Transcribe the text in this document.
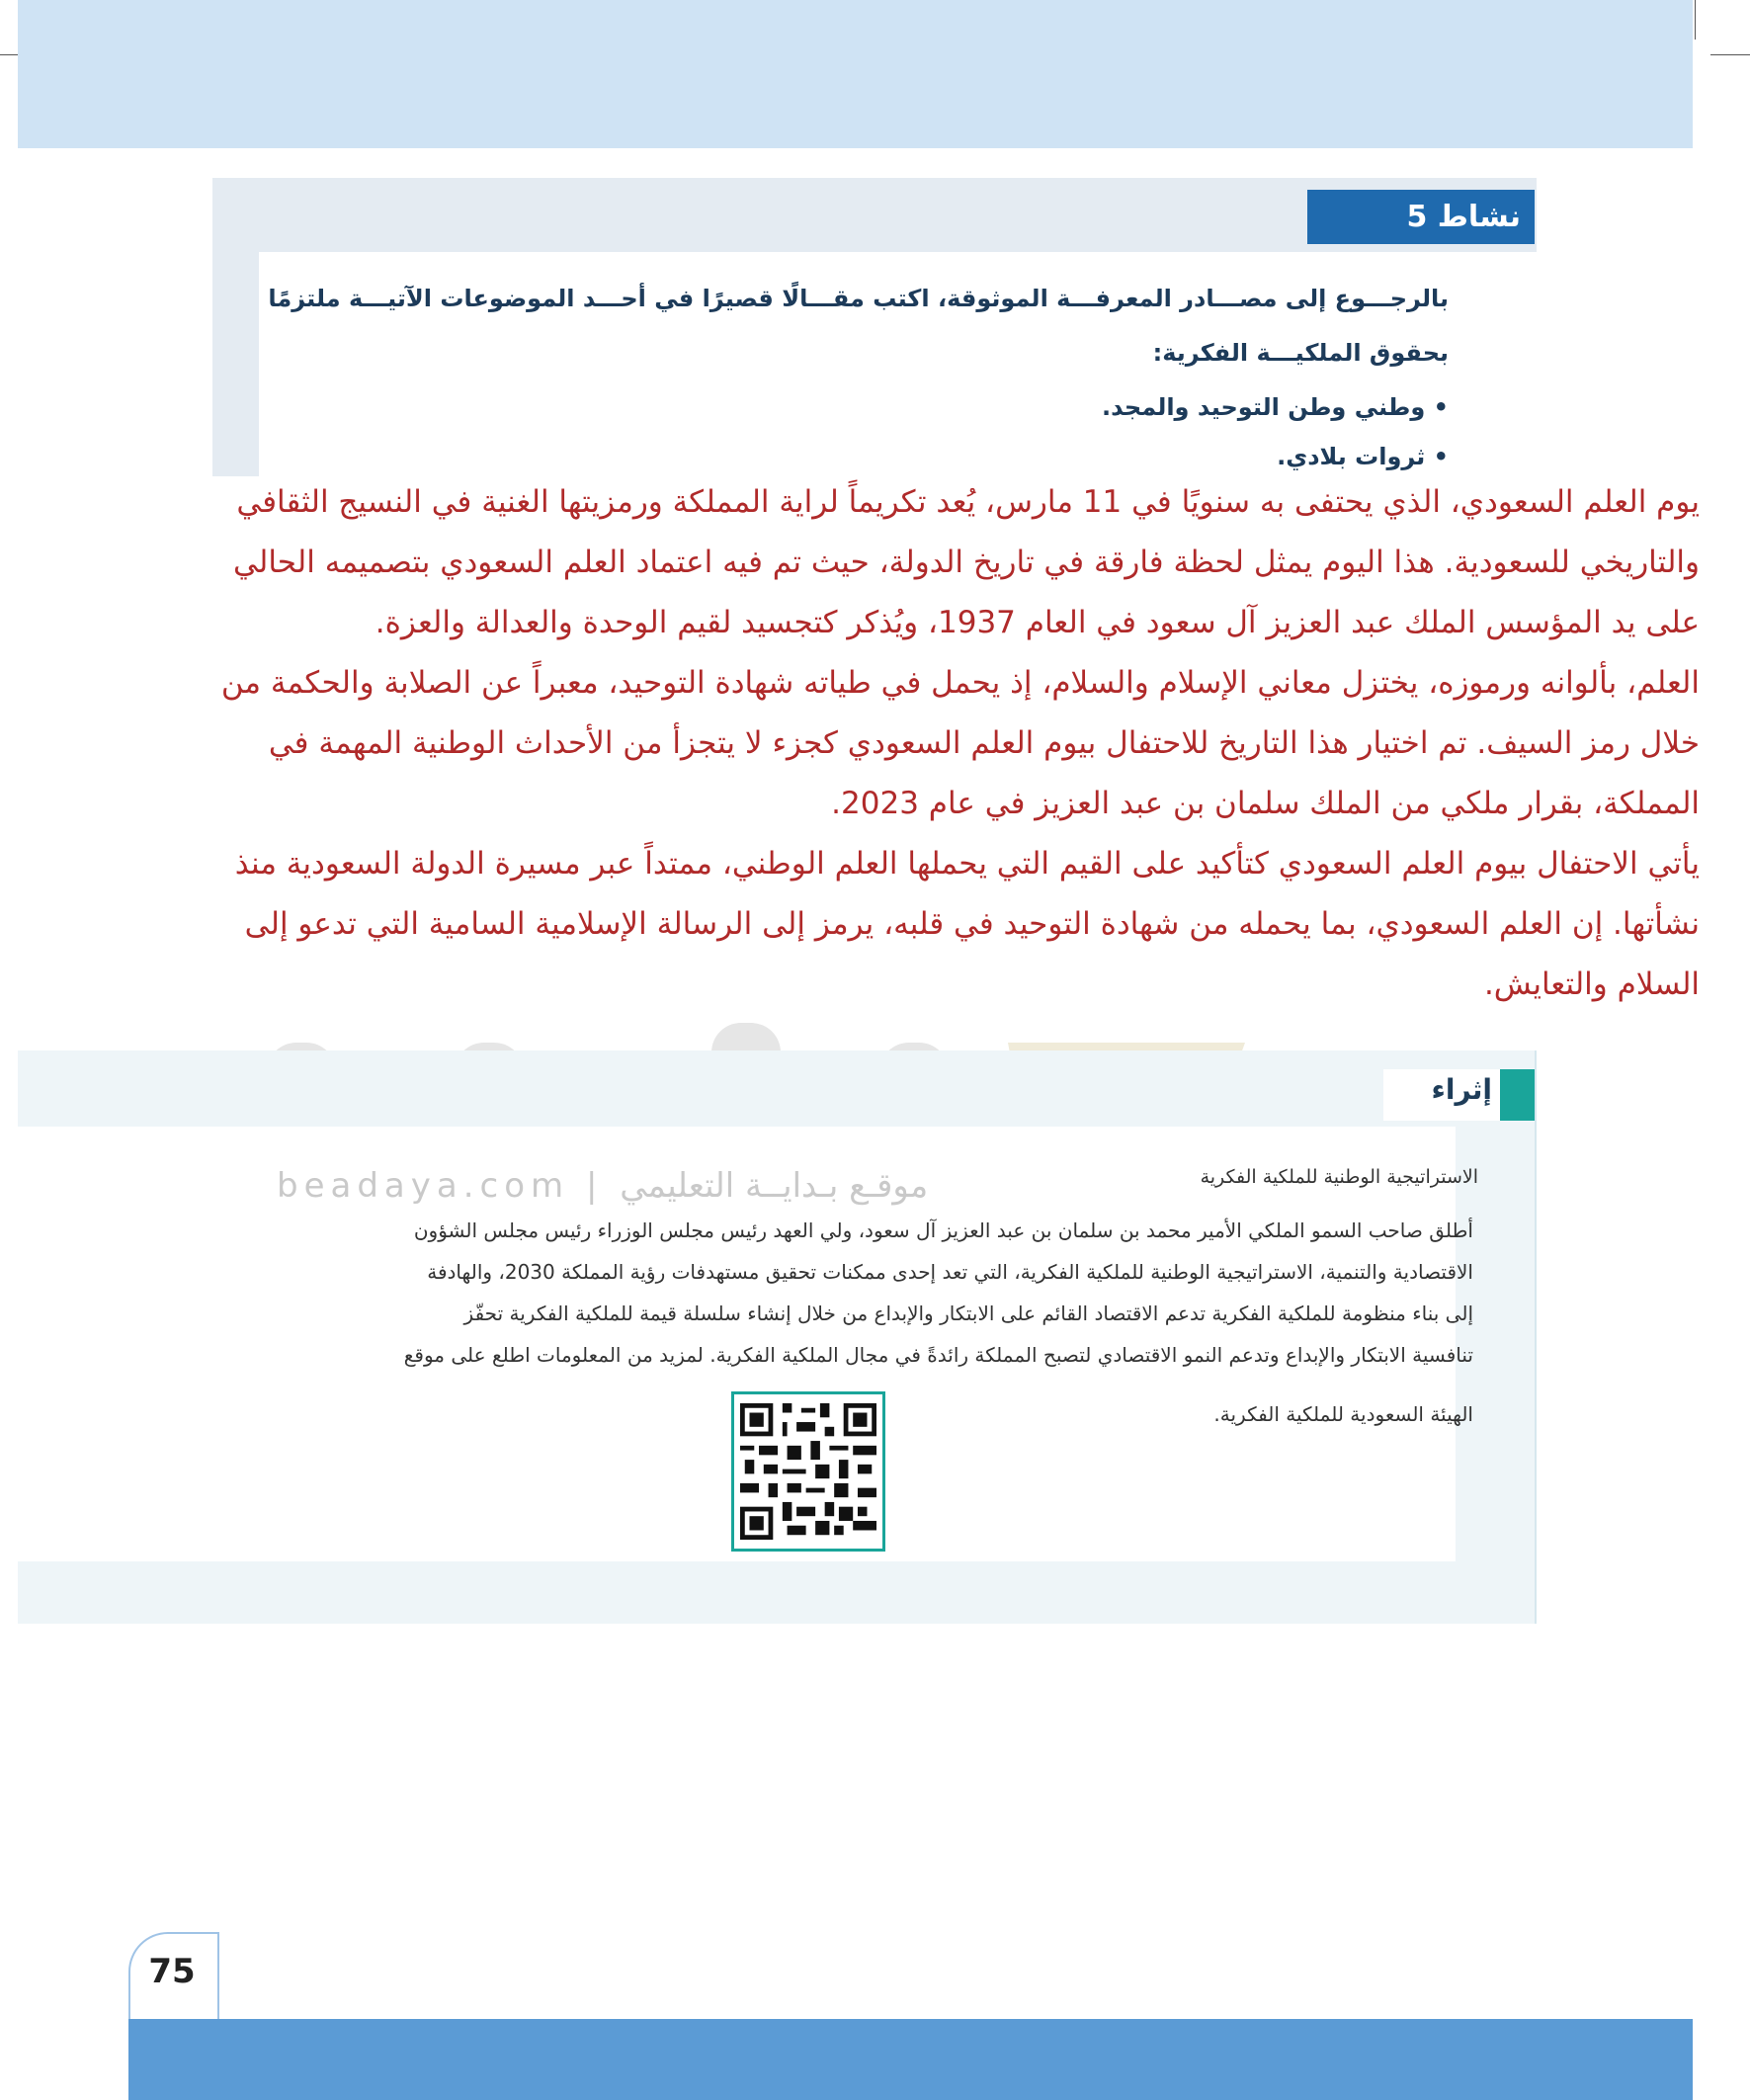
نشاط 5
بالرجـــوع إلى مصـــادر المعرفـــة الموثوقة، اكتب مقـــالًا قصيرًا في أحـــد الموضوعات الآتيـــة ملتزمًا
بحقوق الملكيـــة الفكرية:
• وطني وطن التوحيد والمجد.
• ثروات بلادي.
يوم العلم السعودي، الذي يحتفى به سنويًا في 11 مارس، يُعد تكريماً لراية المملكة ورمزيتها الغنية في النسيج الثقافي
والتاريخي للسعودية. هذا اليوم يمثل لحظة فارقة في تاريخ الدولة، حيث تم فيه اعتماد العلم السعودي بتصميمه الحالي
على يد المؤسس الملك عبد العزيز آل سعود في العام 1937، ويُذكر كتجسيد لقيم الوحدة والعدالة والعزة.
العلم، بألوانه ورموزه، يختزل معاني الإسلام والسلام، إذ يحمل في طياته شهادة التوحيد، معبراً عن الصلابة والحكمة من
خلال رمز السيف. تم اختيار هذا التاريخ للاحتفال بيوم العلم السعودي كجزء لا يتجزأ من الأحداث الوطنية المهمة في
المملكة، بقرار ملكي من الملك سلمان بن عبد العزيز في عام 2023.
يأتي الاحتفال بيوم العلم السعودي كتأكيد على القيم التي يحملها العلم الوطني، ممتداً عبر مسيرة الدولة السعودية منذ
نشأتها. إن العلم السعودي، بما يحمله من شهادة التوحيد في قلبه، يرمز إلى الرسالة الإسلامية السامية التي تدعو إلى
السلام والتعايش.
إثراء
beadaya.com | موقـع بـدايــة التعليمي	الاستراتيجية الوطنية للملكية الفكرية
أطلق صاحب السمو الملكي الأمير محمد بن سلمان بن عبد العزيز آل سعود، ولي العهد رئيس مجلس الوزراء رئيس مجلس الشؤون
الاقتصادية والتنمية، الاستراتيجية الوطنية للملكية الفكرية، التي تعد إحدى ممكنات تحقيق مستهدفات رؤية المملكة 2030، والهادفة
إلى بناء منظومة للملكية الفكرية تدعم الاقتصاد القائم على الابتكار والإبداع من خلال إنشاء سلسلة قيمة للملكية الفكرية تحفّز
تنافسية الابتكار والإبداع وتدعم النمو الاقتصادي لتصبح المملكة رائدةً في مجال الملكية الفكرية. لمزيد من المعلومات اطلع على موقع
الهيئة السعودية للملكية الفكرية.
75
